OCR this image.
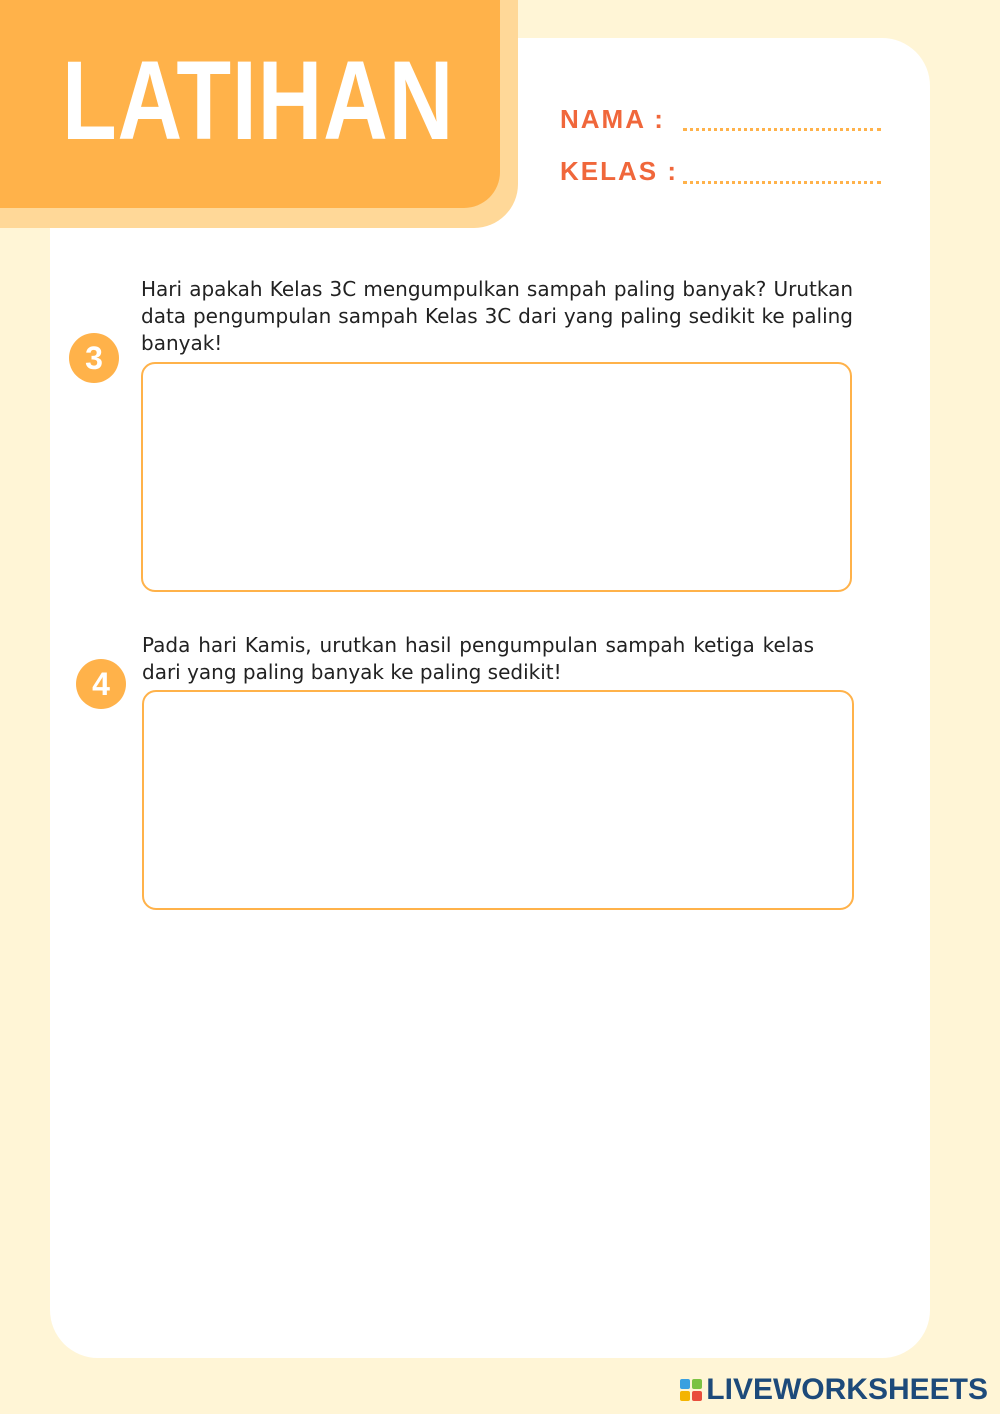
LATIHAN	NAMA :
KELAS :
3
Hari apakah Kelas 3C mengumpulkan sampah paling banyak? Urutkan data pengumpulan sampah Kelas 3C dari yang paling sedikit ke paling banyak!
4
Pada hari Kamis, urutkan hasil pengumpulan sampah ketiga kelas dari yang paling banyak ke paling sedikit!
LIVEWORKSHEETS
